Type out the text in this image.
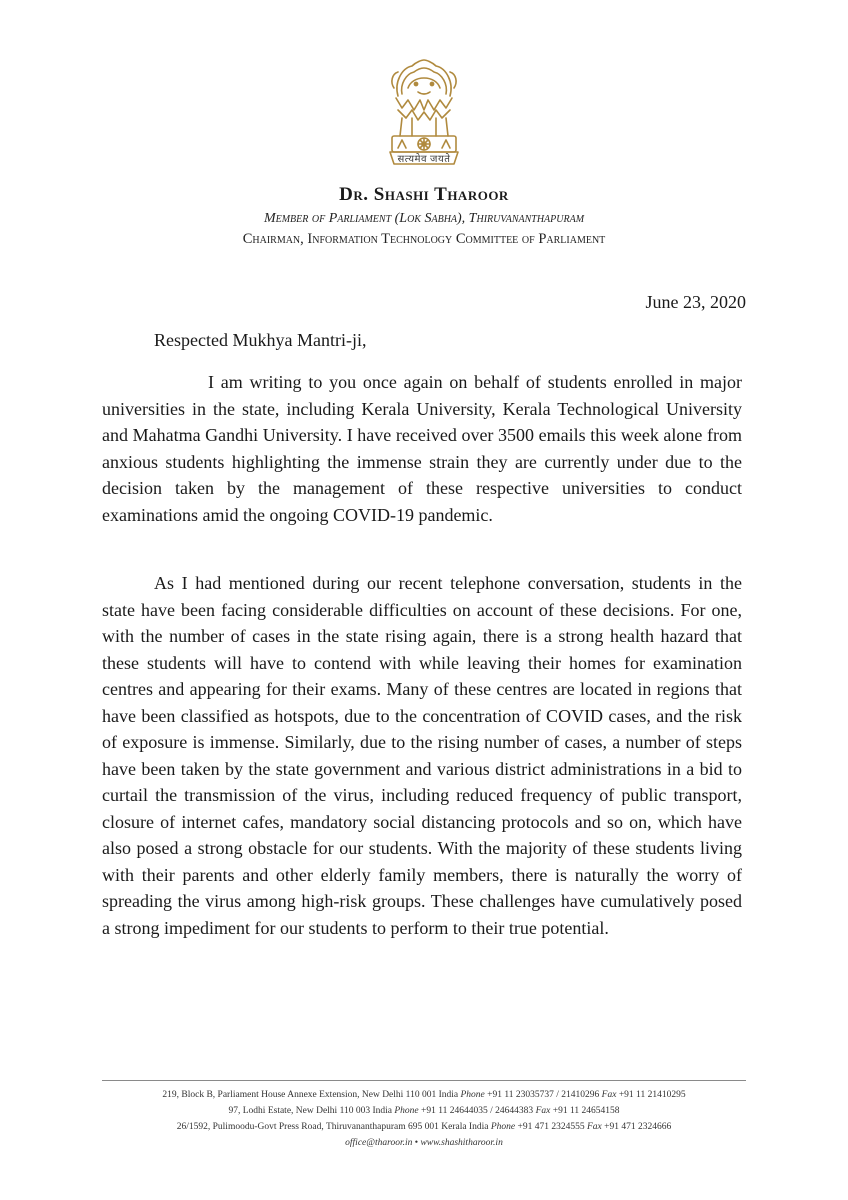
सत्यमेव जयते
Dr. Shashi Tharoor
Member of Parliament (Lok Sabha), Thiruvananthapuram
Chairman, Information Technology Committee of Parliament
June 23, 2020
Respected Mukhya Mantri-ji,

I am writing to you once again on behalf of students enrolled in major universities in the state, including Kerala University, Kerala Technological University and Mahatma Gandhi University. I have received over 3500 emails this week alone from anxious students highlighting the immense strain they are currently under due to the decision taken by the management of these respective universities to conduct examinations amid the ongoing COVID-19 pandemic.

As I had mentioned during our recent telephone conversation, students in the state have been facing considerable difficulties on account of these decisions. For one, with the number of cases in the state rising again, there is a strong health hazard that these students will have to contend with while leaving their homes for examination centres and appearing for their exams. Many of these centres are located in regions that have been classified as hotspots, due to the concentration of COVID cases, and the risk of exposure is immense. Similarly, due to the rising number of cases, a number of steps have been taken by the state government and various district administrations in a bid to curtail the transmission of the virus, including reduced frequency of public transport, closure of internet cafes, mandatory social distancing protocols and so on, which have also posed a strong obstacle for our students. With the majority of these students living with their parents and other elderly family members, there is naturally the worry of spreading the virus among high-risk groups. These challenges have cumulatively posed a strong impediment for our students to perform to their true potential.

219, Block B, Parliament House Annexe Extension, New Delhi 110 001 India Phone +91 11 23035737 / 21410296 Fax +91 11 21410295
97, Lodhi Estate, New Delhi 110 003 India Phone +91 11 24644035 / 24644383 Fax +91 11 24654158
26/1592, Pulimoodu-Govt Press Road, Thiruvananthapuram 695 001 Kerala India Phone +91 471 2324555 Fax +91 471 2324666
office@tharoor.in • www.shashitharoor.in
